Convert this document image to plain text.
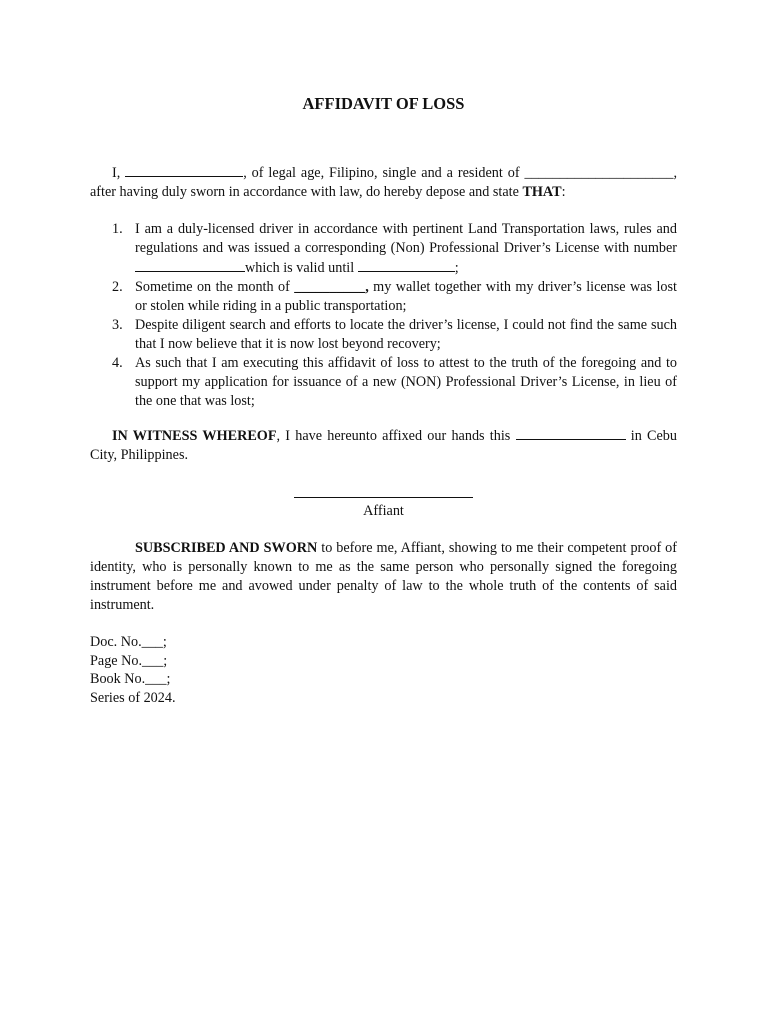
AFFIDAVIT OF LOSS
I,	, of legal age, Filipino, single and a resident of _____________________, after having duly sworn in accordance with law, do hereby depose and state THAT:
1. I am a duly-licensed driver in accordance with pertinent Land Transportation laws, rules and regulations and was issued a corresponding (Non) Professional Driver’s License with number which is valid until	;
2. Sometime on the month of __________, my wallet together with my driver’s license was lost or stolen while riding in a public transportation;
3. Despite diligent search and efforts to locate the driver’s license, I could not find the same such that I now believe that it is now lost beyond recovery;
4. As such that I am executing this affidavit of loss to attest to the truth of the foregoing and to support my application for issuance of a new (NON) Professional Driver’s License, in lieu of the one that was lost;
IN WITNESS WHEREOF, I have hereunto affixed our hands this	in Cebu City, Philippines.
Affiant
SUBSCRIBED AND SWORN to before me, Affiant, showing to me their competent proof of identity, who is personally known to me as the same person who personally signed the foregoing instrument before me and avowed under penalty of law to the whole truth of the contents of said instrument.
Doc. No.___;
Page No.___;
Book No.___;
Series of 2024.
